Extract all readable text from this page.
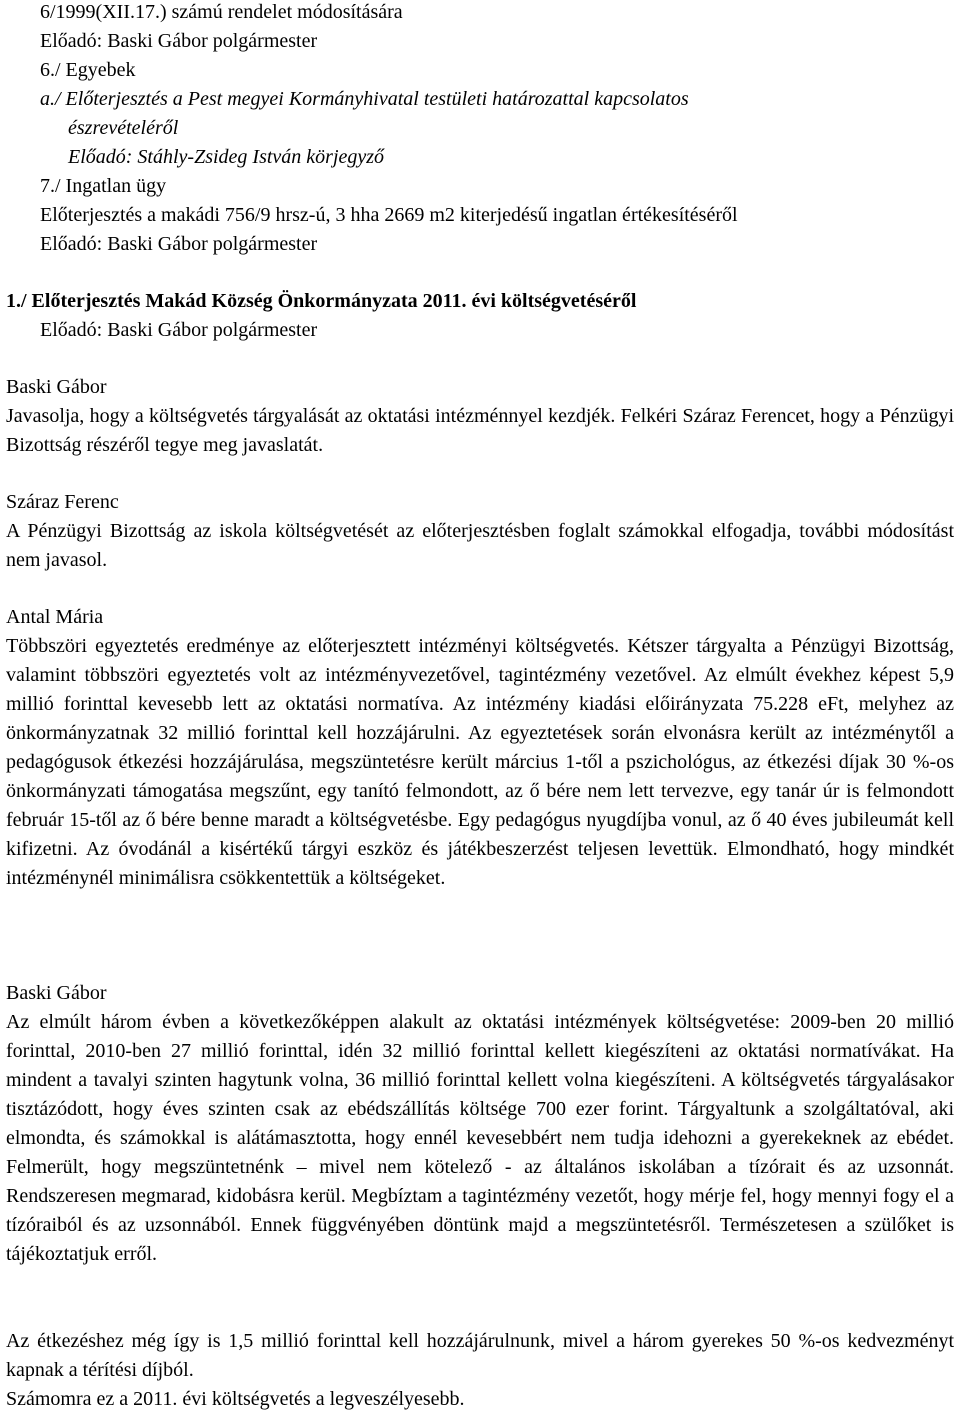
6/1999(XII.17.) számú rendelet módosítására
Előadó: Baski Gábor polgármester
6./ Egyebek
a./ Előterjesztés a Pest megyei Kormányhivatal testületi határozattal kapcsolatos
észrevételéről
Előadó: Stáhly-Zsideg István körjegyző
7./ Ingatlan ügy
Előterjesztés a makádi 756/9 hrsz-ú, 3 hha 2669 m2 kiterjedésű ingatlan értékesítéséről
Előadó: Baski Gábor polgármester
1./ Előterjesztés Makád Község Önkormányzata 2011. évi költségvetéséről
Előadó: Baski Gábor polgármester
Baski Gábor
Javasolja, hogy a költségvetés tárgyalását az oktatási intézménnyel kezdjék. Felkéri Száraz Ferencet, hogy a Pénzügyi Bizottság részéről tegye meg javaslatát.
Száraz Ferenc
A Pénzügyi Bizottság az iskola költségvetését az előterjesztésben foglalt számokkal elfogadja, további módosítást nem javasol.
Antal Mária
Többszöri egyeztetés eredménye az előterjesztett intézményi költségvetés. Kétszer tárgyalta a Pénzügyi Bizottság, valamint többszöri egyeztetés volt az intézményvezetővel, tagintézmény vezetővel. Az elmúlt évekhez képest 5,9 millió forinttal kevesebb lett az oktatási normatíva. Az intézmény kiadási előirányzata 75.228 eFt, melyhez az önkormányzatnak 32 millió forinttal kell hozzájárulni. Az egyeztetések során elvonásra került az intézménytől a pedagógusok étkezési hozzájárulása, megszüntetésre került március 1-től a pszichológus, az étkezési díjak 30 %-os önkormányzati támogatása megszűnt, egy tanító felmondott, az ő bére nem lett tervezve, egy tanár úr is felmondott február 15-től az ő bére benne maradt a költségvetésbe. Egy pedagógus nyugdíjba vonul, az ő 40 éves jubileumát kell kifizetni. Az óvodánál a kisértékű tárgyi eszköz és játékbeszerzést teljesen levettük. Elmondható, hogy mindkét intézménynél minimálisra csökkentettük a költségeket.
Baski Gábor
Az elmúlt három évben a következőképpen alakult az oktatási intézmények költségvetése: 2009-ben 20 millió forinttal, 2010-ben 27 millió forinttal, idén 32 millió forinttal kellett kiegészíteni az oktatási normatívákat. Ha mindent a tavalyi szinten hagytunk volna, 36 millió forinttal kellett volna kiegészíteni. A költségvetés tárgyalásakor tisztázódott, hogy éves szinten csak az ebédszállítás költsége 700 ezer forint. Tárgyaltunk a szolgáltatóval, aki elmondta, és számokkal is alátámasztotta, hogy ennél kevesebbért nem tudja idehozni a gyerekeknek az ebédet. Felmerült, hogy megszüntetnénk – mivel nem kötelező - az általános iskolában a tízórait és az uzsonnát. Rendszeresen megmarad, kidobásra kerül. Megbíztam a tagintézmény vezetőt, hogy mérje fel, hogy mennyi fogy el a tízóraiból és az uzsonnából. Ennek függvényében döntünk majd a megszüntetésről. Természetesen a szülőket is tájékoztatjuk erről.
Az étkezéshez még így is 1,5 millió forinttal kell hozzájárulnunk, mivel a három gyerekes 50 %-os kedvezményt kapnak a térítési díjból.
Számomra ez a 2011. évi költségvetés a legveszélyesebb.
